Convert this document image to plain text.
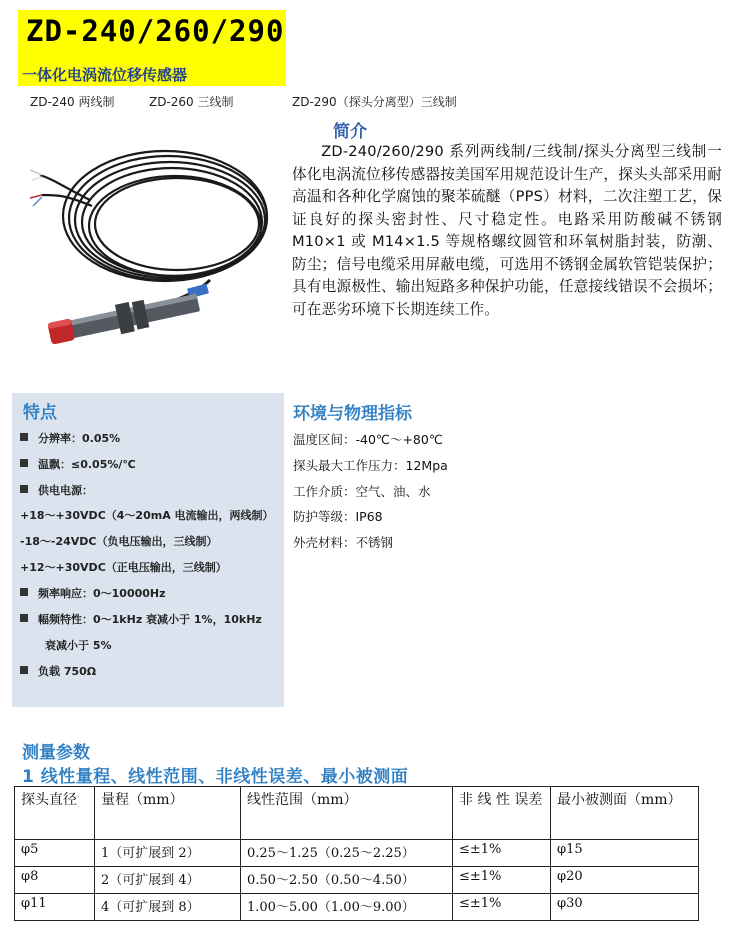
ZD-240/260/290
一体化电涡流位移传感器
ZD-240 两线制	ZD-260 三线制	ZD-290（探头分离型）三线制
简介
ZD-240/260/290 系列两线制/三线制/探头分离型三线制一体化电涡流位移传感器按美国军用规范设计生产，探头头部采用耐高温和各种化学腐蚀的聚苯硫醚（PPS）材料，二次注塑工艺，保证良好的探头密封性、尺寸稳定性。电路采用防酸碱不锈钢 M10×1 或 M14×1.5 等规格螺纹圆管和环氧树脂封装，防潮、防尘；信号电缆采用屏蔽电缆，可选用不锈钢金属软管铠装保护；具有电源极性、输出短路多种保护功能，任意接线错误不会损坏；可在恶劣环境下长期连续工作。
特点
分辨率：0.05%
温飘：≤0.05%/℃
供电电源：
+18～+30VDC（4～20mA 电流输出，两线制）
-18～-24VDC（负电压输出，三线制）
+12～+30VDC（正电压输出，三线制）
频率响应：0～10000Hz
幅频特性：0～1kHz 衰减小于 1%，10kHz
衰减小于 5%
负载 750Ω
环境与物理指标
温度区间：-40℃～+80℃
探头最大工作压力：12Mpa
工作介质：空气、油、水
防护等级：IP68
外壳材料：不锈钢
测量参数
1 线性量程、线性范围、非线性误差、最小被测面
探头直径	量程（mm）	线性范围（mm）	非 线 性 误差	最小被测面（mm）
φ5	1（可扩展到 2）	0.25～1.25（0.25～2.25）	≤±1%	φ15
φ8	2（可扩展到 4）	0.50～2.50（0.50～4.50）	≤±1%	φ20
φ11	4（可扩展到 8）	1.00～5.00（1.00～9.00）	≤±1%	φ30
